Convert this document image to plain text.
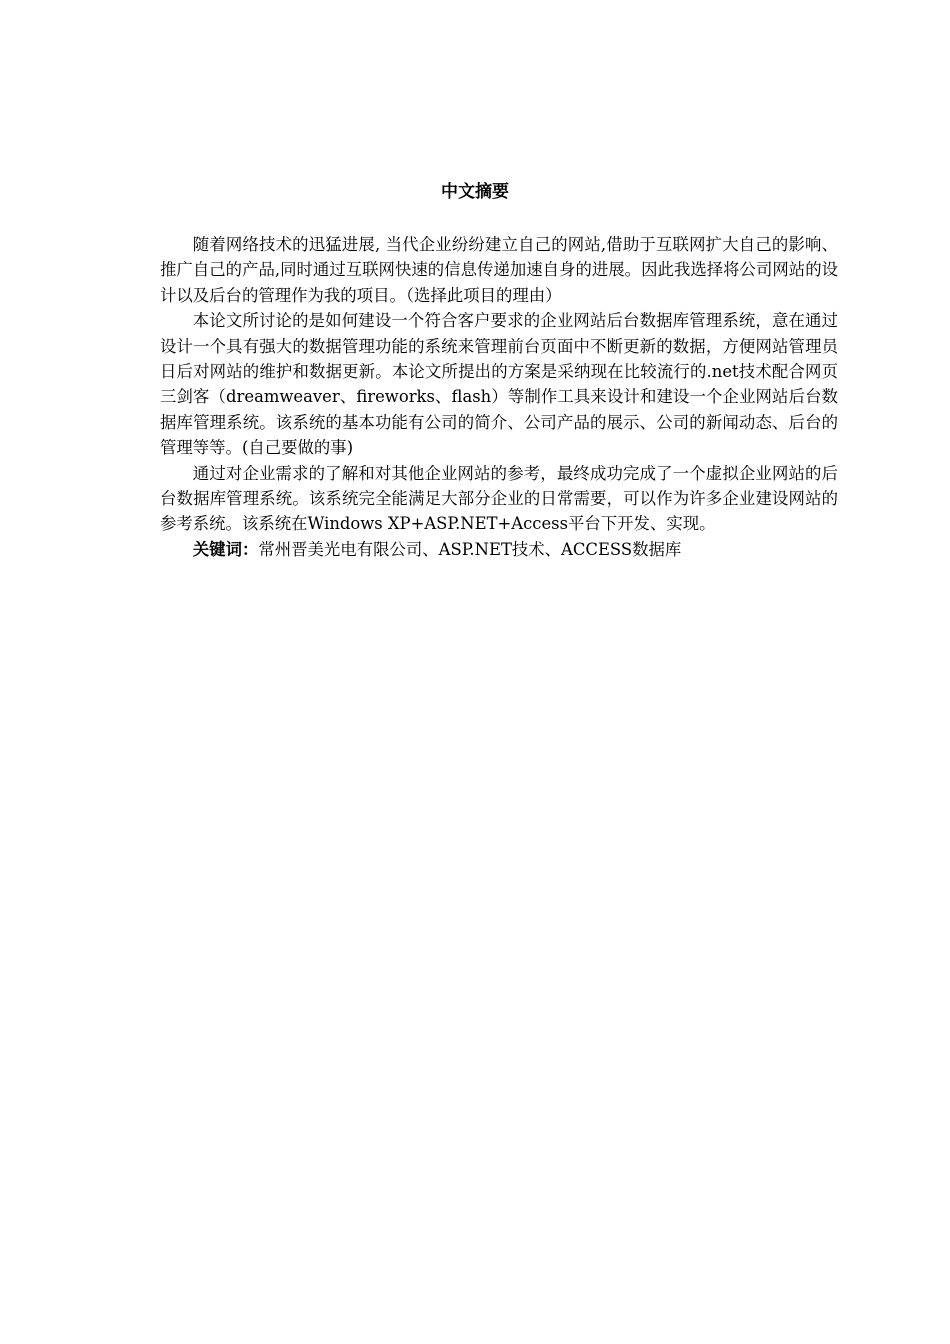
中文摘要

随着网络技术的迅猛进展, 当代企业纷纷建立自己的网站,借助于互联网扩大自己的影响、推广自己的产品,同时通过互联网快速的信息传递加速自身的进展。因此我选择将公司网站的设计以及后台的管理作为我的项目。（选择此项目的理由）

本论文所讨论的是如何建设一个符合客户要求的企业网站后台数据库管理系统，意在通过设计一个具有强大的数据管理功能的系统来管理前台页面中不断更新的数据，方便网站管理员日后对网站的维护和数据更新。本论文所提出的方案是采纳现在比较流行的.net技术配合网页三剑客（dreamweaver、fireworks、flash）等制作工具来设计和建设一个企业网站后台数据库管理系统。该系统的基本功能有公司的简介、公司产品的展示、公司的新闻动态、后台的管理等等。(自己要做的事)

通过对企业需求的了解和对其他企业网站的参考，最终成功完成了一个虚拟企业网站的后台数据库管理系统。该系统完全能满足大部分企业的日常需要，可以作为许多企业建设网站的参考系统。该系统在Windows XP+ASP.NET+Access平台下开发、实现。

关键词：常州晋美光电有限公司、ASP.NET技术、ACCESS数据库
